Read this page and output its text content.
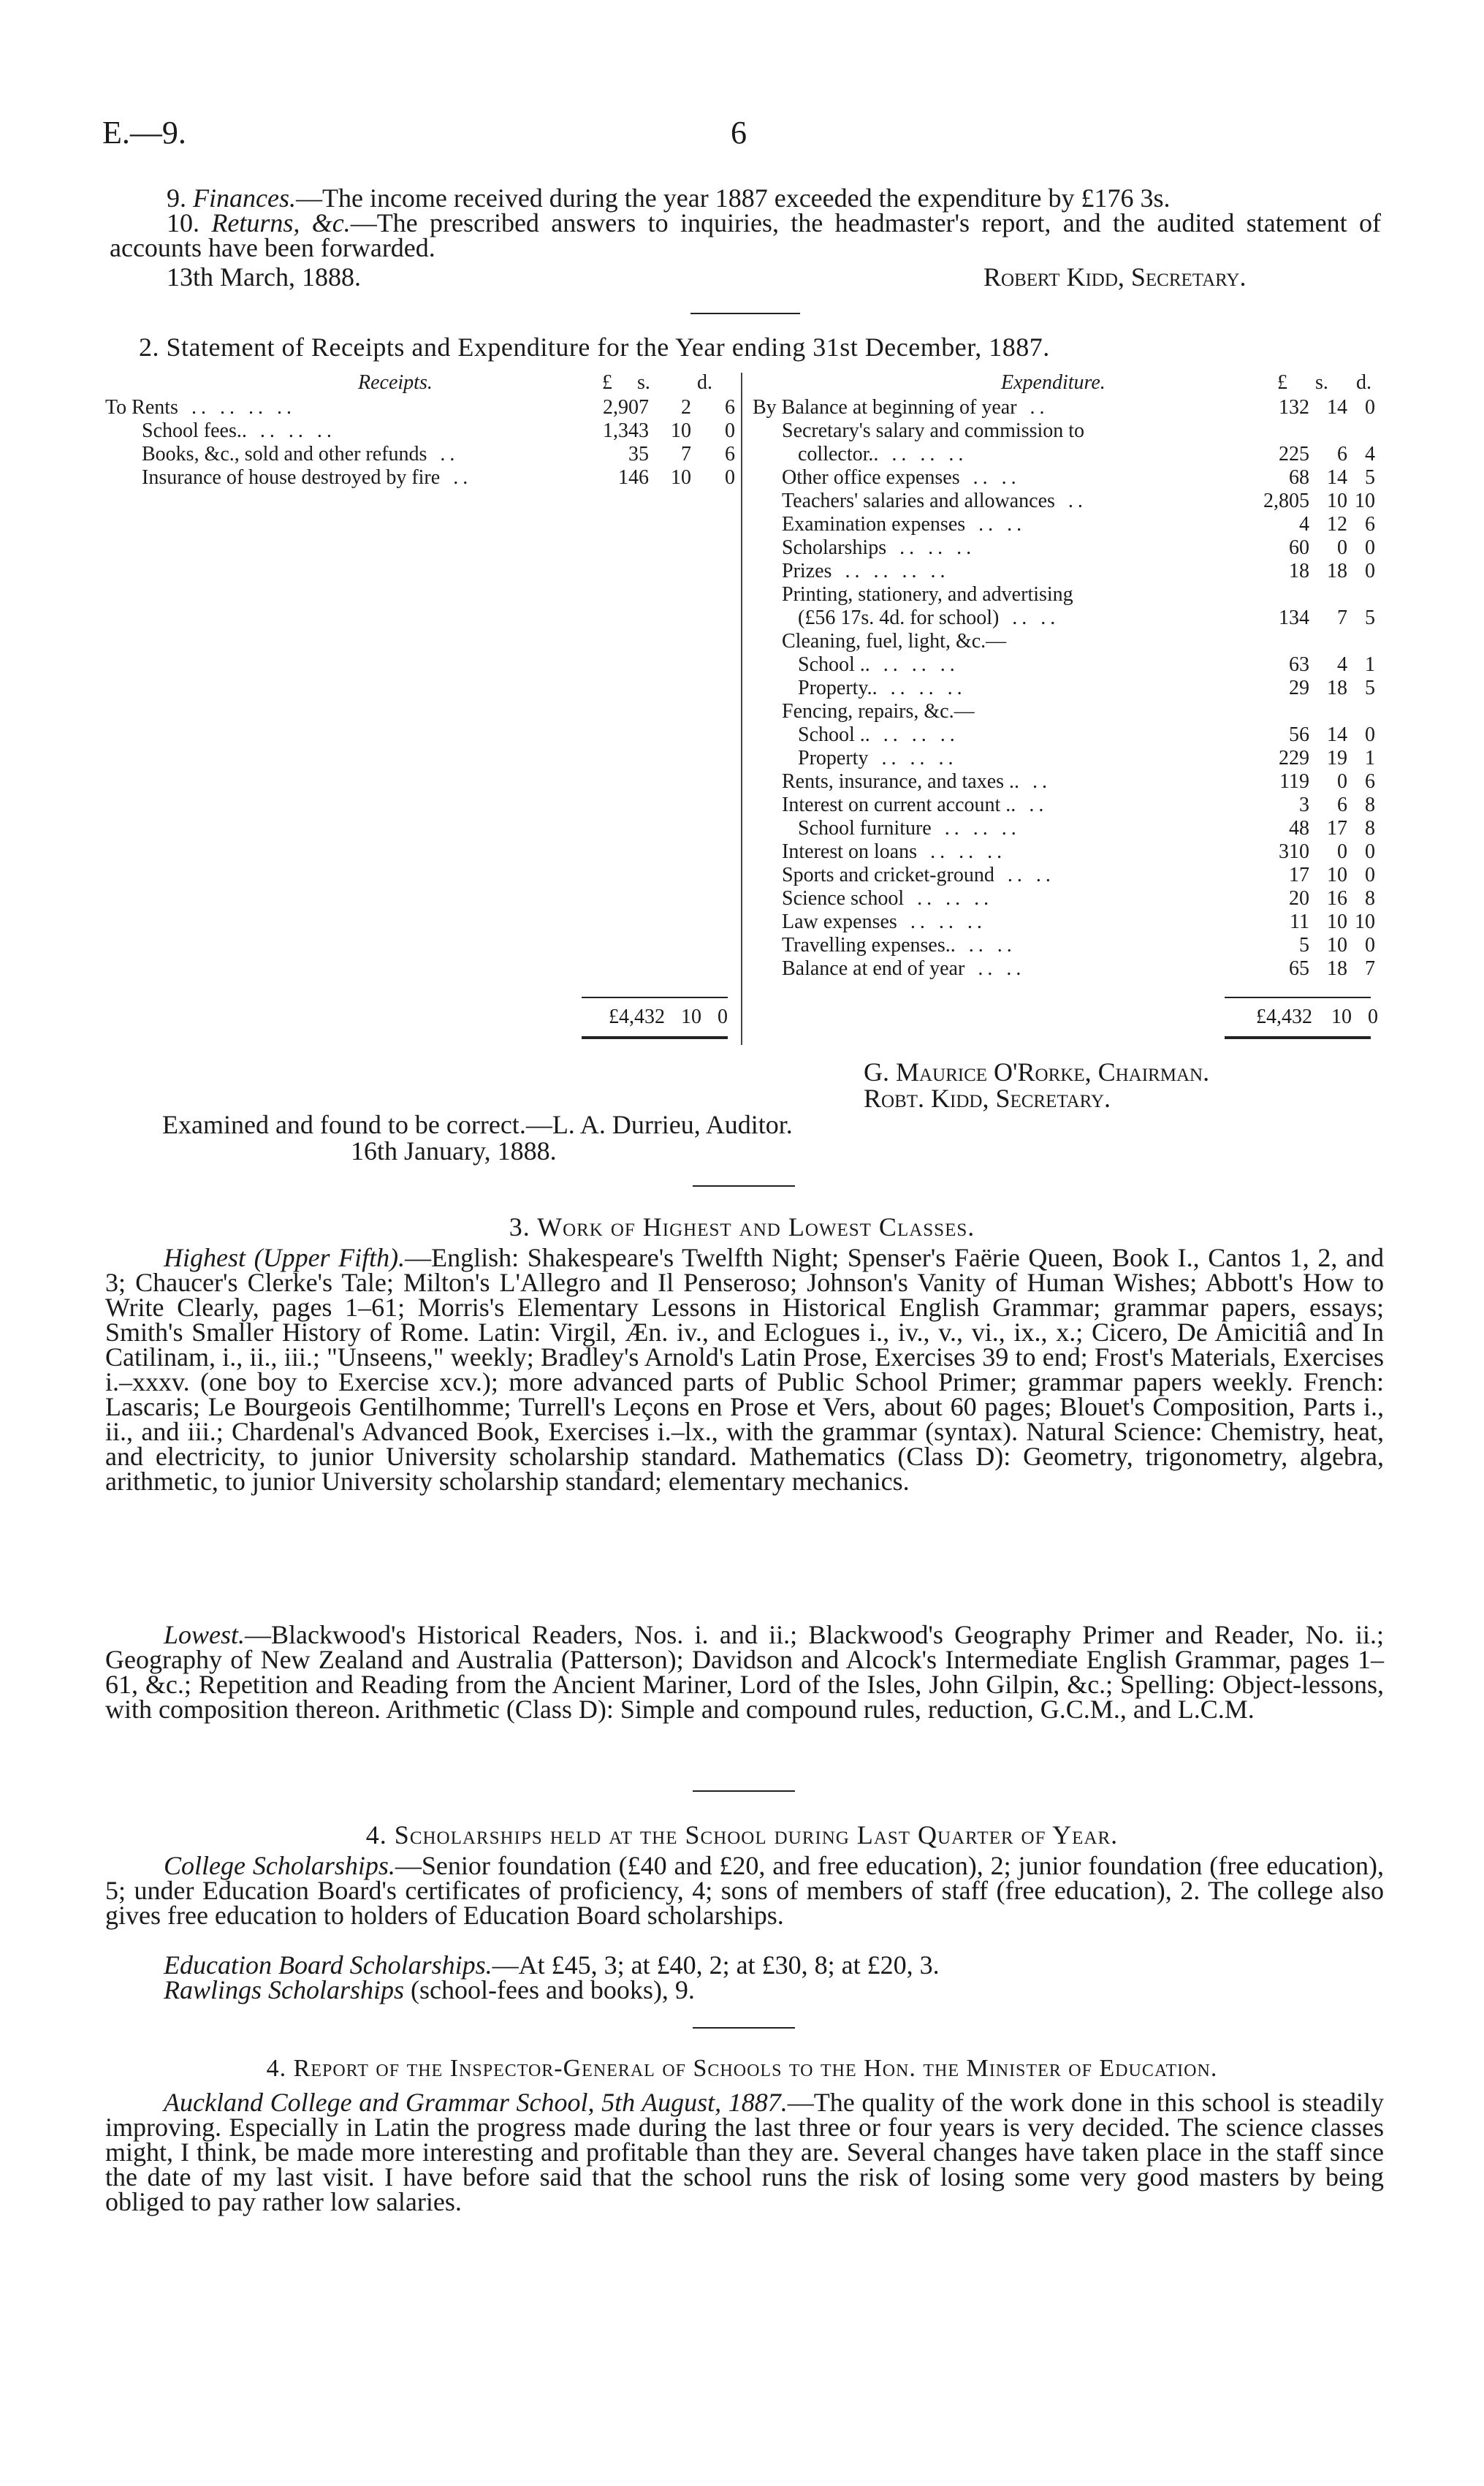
E.—9.	6
9. Finances.—The income received during the year 1887 exceeded the expenditure by £176 3s.
10. Returns, &c.—The prescribed answers to inquiries, the headmaster's report, and the audited statement of accounts have been forwarded.
13th March, 1888.	Robert Kidd, Secretary.
2. Statement of Receipts and Expenditure for the Year ending 31st December, 1887.
Receipts.	Expenditure.
£ s. d.	£ s. d.
To Rents .. .. .. ..	2,907	2	6
School fees.. .. .. ..	1,343	10	0
Books, &c., sold and other refunds ..	35	7	6
Insurance of house destroyed by fire ..	146	10	0
By Balance at beginning of year ..	132	14	0
Secretary's salary and commission to			
collector.. .. .. ..	225	6	4
Other office expenses .. ..	68	14	5
Teachers' salaries and allowances ..	2,805	10	10
Examination expenses .. ..	4	12	6
Scholarships .. .. ..	60	0	0
Prizes .. .. .. ..	18	18	0
Printing, stationery, and advertising			
(£56 17s. 4d. for school) .. ..	134	7	5
Cleaning, fuel, light, &c.—			
School .. .. .. ..	63	4	1
Property.. .. .. ..	29	18	5
Fencing, repairs, &c.—			
School .. .. .. ..	56	14	0
Property .. .. ..	229	19	1
Rents, insurance, and taxes .. ..	119	0	6
Interest on current account .. ..	3	6	8
School furniture .. .. ..	48	17	8
Interest on loans .. .. ..	310	0	0
Sports and cricket-ground .. ..	17	10	0
Science school .. .. ..	20	16	8
Law expenses .. .. ..	11	10	10
Travelling expenses.. .. ..	5	10	0
Balance at end of year .. ..	65	18	7
£4,432 10 0	£4,432 10 0
G. Maurice O'Rorke, Chairman.
Robt. Kidd, Secretary.
Examined and found to be correct.—L. A. Durrieu, Auditor.
16th January, 1888.
3. Work of Highest and Lowest Classes.
Highest (Upper Fifth).—English: Shakespeare's Twelfth Night; Spenser's Faërie Queen, Book I., Cantos 1, 2, and 3; Chaucer's Clerke's Tale; Milton's L'Allegro and Il Penseroso; Johnson's Vanity of Human Wishes; Abbott's How to Write Clearly, pages 1–61; Morris's Elementary Lessons in Historical English Grammar; grammar papers, essays; Smith's Smaller History of Rome. Latin: Virgil, Æn. iv., and Eclogues i., iv., v., vi., ix., x.; Cicero, De Amicitiâ and In Catilinam, i., ii., iii.; "Unseens," weekly; Bradley's Arnold's Latin Prose, Exercises 39 to end; Frost's Materials, Exercises i.–xxxv. (one boy to Exercise xcv.); more advanced parts of Public School Primer; grammar papers weekly. French: Lascaris; Le Bourgeois Gentilhomme; Turrell's Leçons en Prose et Vers, about 60 pages; Blouet's Composition, Parts i., ii., and iii.; Chardenal's Advanced Book, Exercises i.–lx., with the grammar (syntax). Natural Science: Chemistry, heat, and electricity, to junior University scholarship standard. Mathematics (Class D): Geometry, trigonometry, algebra, arithmetic, to junior University scholarship standard; elementary mechanics.
Lowest.—Blackwood's Historical Readers, Nos. i. and ii.; Blackwood's Geography Primer and Reader, No. ii.; Geography of New Zealand and Australia (Patterson); Davidson and Alcock's Intermediate English Grammar, pages 1–61, &c.; Repetition and Reading from the Ancient Mariner, Lord of the Isles, John Gilpin, &c.; Spelling: Object-lessons, with composition thereon. Arithmetic (Class D): Simple and compound rules, reduction, G.C.M., and L.C.M.
4. Scholarships held at the School during Last Quarter of Year.
College Scholarships.—Senior foundation (£40 and £20, and free education), 2; junior foundation (free education), 5; under Education Board's certificates of proficiency, 4; sons of members of staff (free education), 2. The college also gives free education to holders of Education Board scholarships.
Education Board Scholarships.—At £45, 3; at £40, 2; at £30, 8; at £20, 3.
Rawlings Scholarships (school-fees and books), 9.
4. Report of the Inspector-General of Schools to the Hon. the Minister of Education.
Auckland College and Grammar School, 5th August, 1887.—The quality of the work done in this school is steadily improving. Especially in Latin the progress made during the last three or four years is very decided. The science classes might, I think, be made more interesting and profitable than they are. Several changes have taken place in the staff since the date of my last visit. I have before said that the school runs the risk of losing some very good masters by being obliged to pay rather low salaries.
